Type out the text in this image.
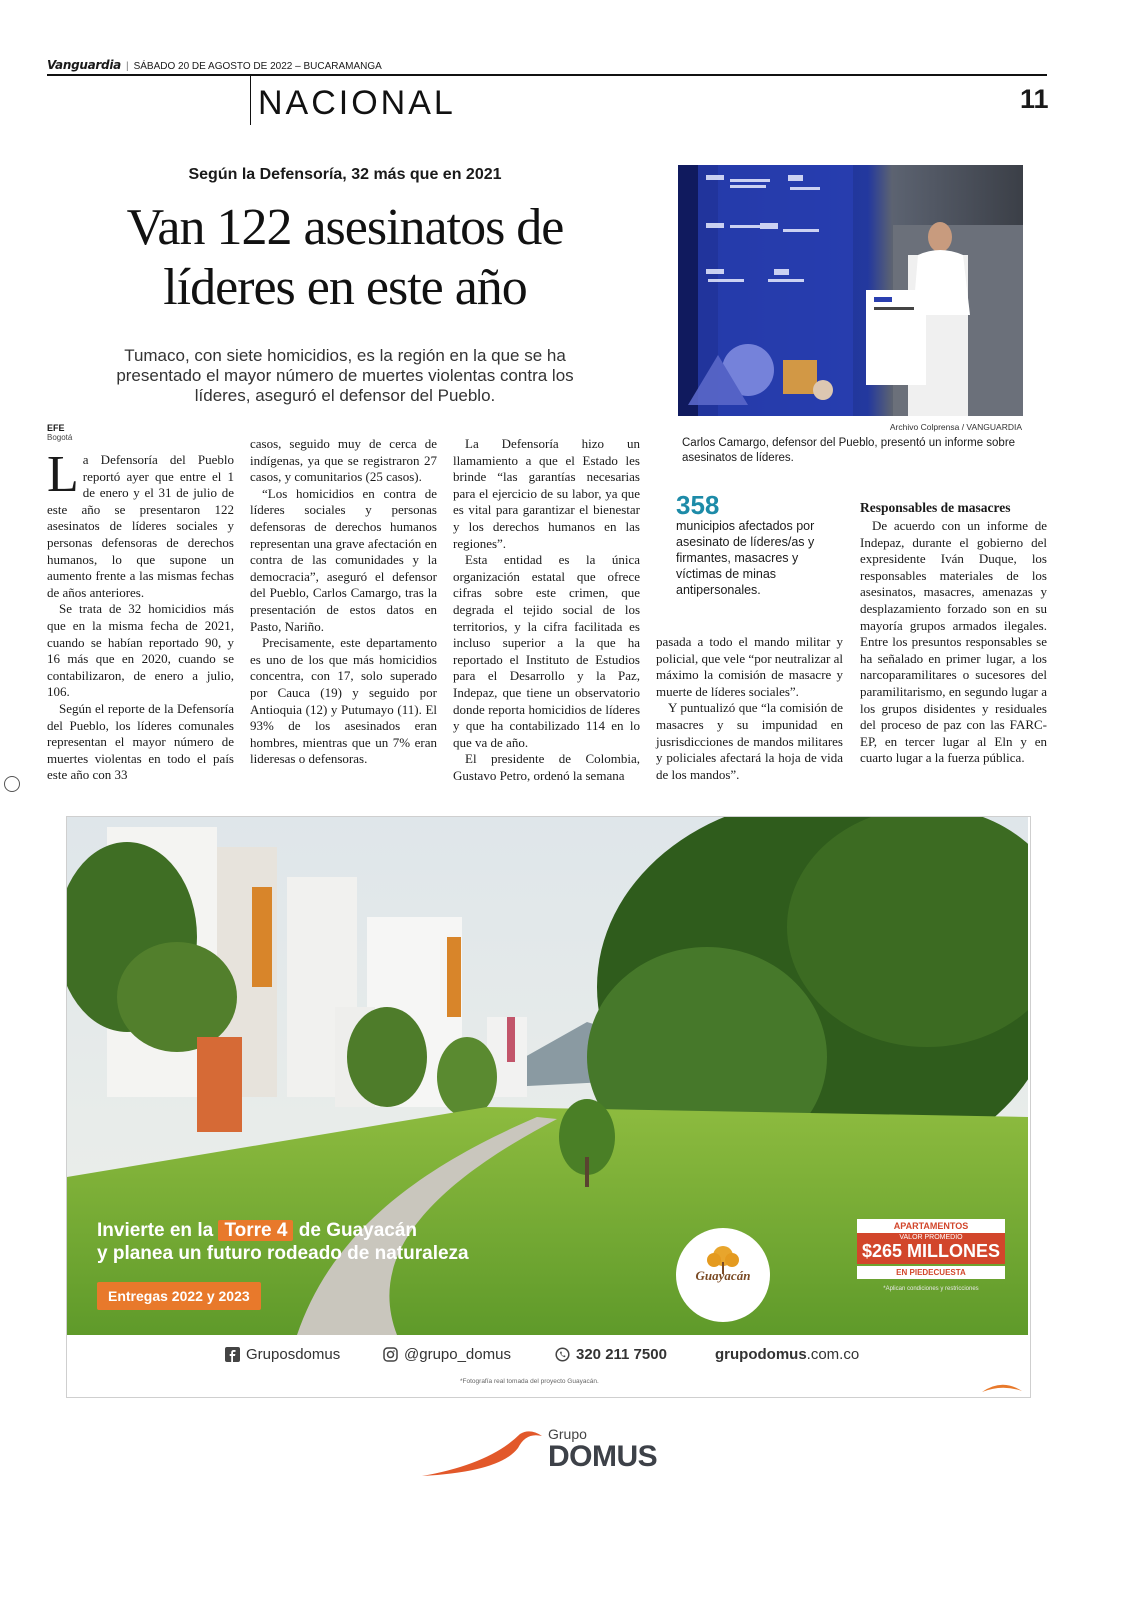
Vanguardia | SÁBADO 20 DE AGOSTO DE 2022 – BUCARAMANGA
NACIONAL	11
Según la Defensoría, 32 más que en 2021
Van 122 asesinatos de
líderes en este año
Tumaco, con siete homicidios, es la región en la que se ha presentado el mayor número de muertes violentas contra los líderes, aseguró el defensor del Pueblo.
EFE
Bogotá

La Defensoría del Pueblo reportó ayer que entre el 1 de enero y el 31 de julio de este año se presentaron 122 asesinatos de líderes sociales y personas defensoras de derechos humanos, lo que supone un aumento frente a las mismas fechas de años anteriores.

Se trata de 32 homicidios más que en la misma fecha de 2021, cuando se habían reportado 90, y 16 más que en 2020, cuando se contabilizaron, de enero a julio, 106.

Según el reporte de la Defensoría del Pueblo, los líderes comunales representan el mayor número de muertes violentas en todo el país este año con 33

casos, seguido muy de cerca de indígenas, ya que se registraron 27 casos, y comunitarios (25 casos).

“Los homicidios en contra de líderes sociales y personas defensoras de derechos humanos representan una grave afectación en contra de las comunidades y la democracia”, aseguró el defensor del Pueblo, Carlos Camargo, tras la presentación de estos datos en Pasto, Nariño.

Precisamente, este departamento es uno de los que más homicidios concentra, con 17, solo superado por Cauca (19) y seguido por Antioquia (12) y Putumayo (11). El 93% de los asesinados eran hombres, mientras que un 7% eran lideresas o defensoras.

La Defensoría hizo un llamamiento a que el Estado les brinde “las garantías necesarias para el ejercicio de su labor, ya que es vital para garantizar el bienestar y los derechos humanos en las regiones”.

Esta entidad es la única organización estatal que ofrece cifras sobre este crimen, que degrada el tejido social de los territorios, y la cifra facilitada es incluso superior a la que ha reportado el Instituto de Estudios para el Desarrollo y la Paz, Indepaz, que tiene un observatorio donde reporta homicidios de líderes y que ha contabilizado 114 en lo que va de año.

El presidente de Colombia, Gustavo Petro, ordenó la semana

Archivo Colprensa / VANGUARDIA
Carlos Camargo, defensor del Pueblo, presentó un informe sobre asesinatos de líderes.
358
municipios afectados por asesinato de líderes/as y firmantes, masacres y víctimas de minas antipersonales.

pasada a todo el mando militar y policial, que vele “por neutralizar al máximo la comisión de masacre y muerte de líderes sociales”.

Y puntualizó que “la comisión de masacres y su impunidad en jusrisdicciones de mandos militares y policiales afectará la hoja de vida de los mandos”.

Responsables de masacres

De acuerdo con un informe de Indepaz, durante el gobierno del expresidente Iván Duque, los responsables materiales de los asesinatos, masacres, amenazas y desplazamiento forzado son en su mayoría grupos armados ilegales. Entre los presuntos responsables se ha señalado en primer lugar, a los narcoparamilitares o sucesores del paramilitarismo, en segundo lugar a los grupos disidentes y residuales del proceso de paz con las FARC-EP, en tercer lugar al Eln y en cuarto lugar a la fuerza pública.

Invierte en la Torre 4 de Guayacán
y planea un futuro rodeado de naturaleza
Entregas 2022 y 2023
Guayacán
APARTAMENTOS
VALOR PROMEDIO
$265 MILLONES
EN PIEDECUESTA
*Aplican condiciones y restricciones
Gruposdomus	@grupo_domus	320 211 7500	grupodomus .com.co
*Fotografía real tomada del proyecto Guayacán.
Grupo
DOMUS
